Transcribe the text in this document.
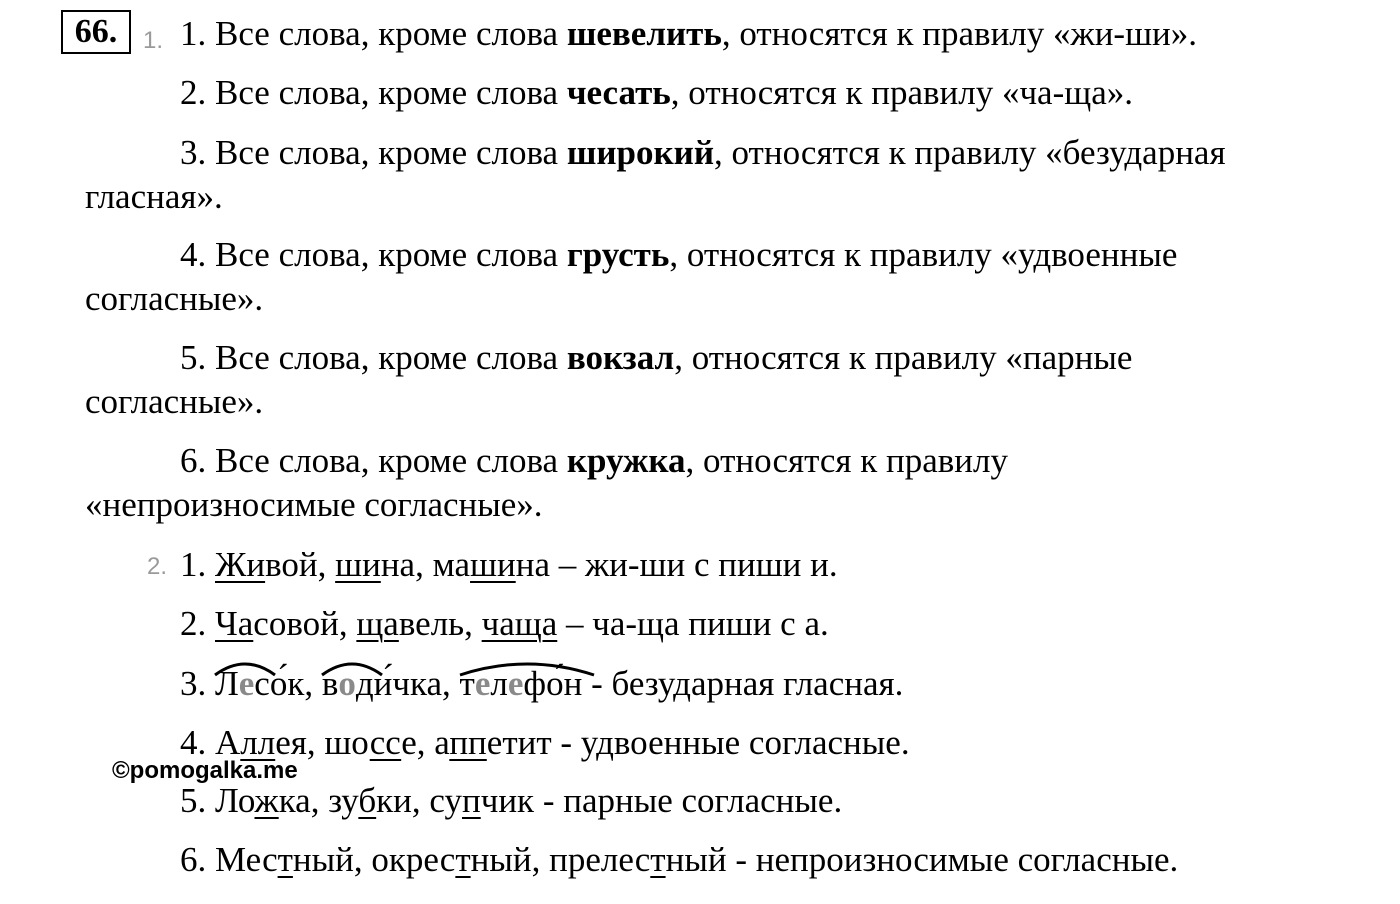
66.	1.
2.
1. Все слова, кроме слова шевелить, относятся к правилу «жи-ши».
2. Все слова, кроме слова чесать, относятся к правилу «ча-ща».
3. Все слова, кроме слова широкий, относятся к правилу «безударная
гласная».
4. Все слова, кроме слова грусть, относятся к правилу «удвоенные
согласные».
5. Все слова, кроме слова вокзал, относятся к правилу «парные
согласные».
6. Все слова, кроме слова кружка, относятся к правилу
«непроизносимые согласные».
1. Живой, шина, машина – жи-ши с пиши и.
2. Часовой, щавель, чаща – ча-ща пиши с а.
3.
Лесо́к,
води́чка,
телефо́н - безударная гласная.
4. Аллея, шоссе, аппетит - удвоенные согласные.
5. Ложка, зубки, супчик - парные согласные.
6. Местный, окрестный, прелестный - непроизносимые согласные.
©pomogalka.me
